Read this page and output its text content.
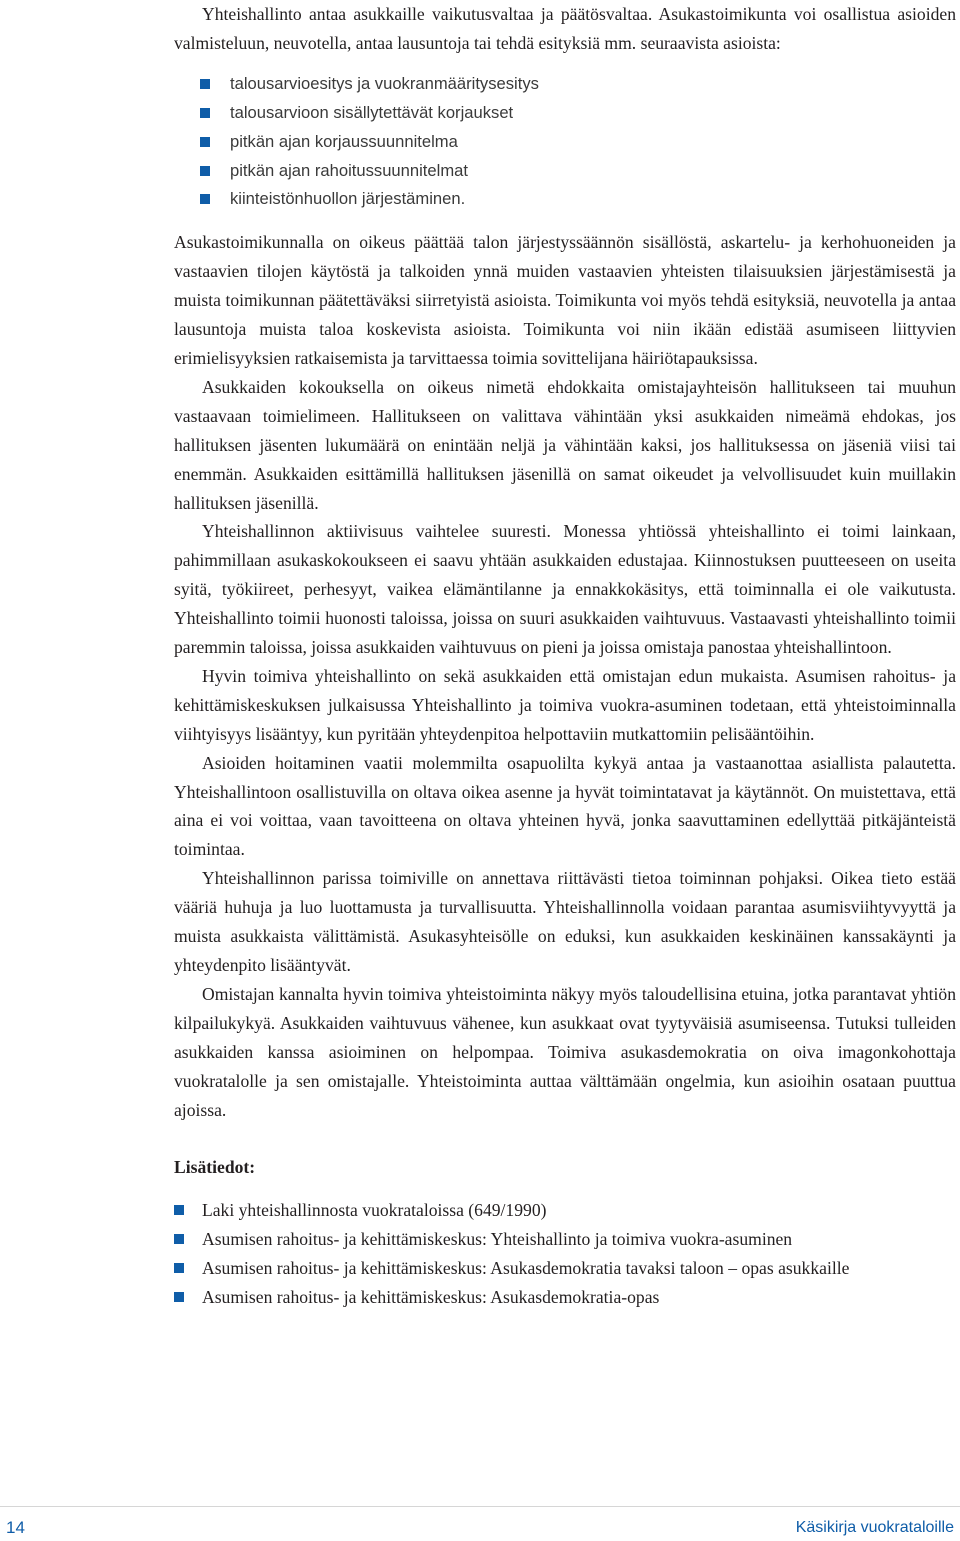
Yhteishallinto antaa asukkaille vaikutusvaltaa ja päätösvaltaa. Asukastoimikunta voi osallistua asioiden valmisteluun, neuvotella, antaa lausuntoja tai tehdä esityksiä mm. seuraavista asioista:

talousarvioesitys ja vuokranmääritysesitys
talousarvioon sisällytettävät korjaukset
pitkän ajan korjaussuunnitelma
pitkän ajan rahoitussuunnitelmat
kiinteistönhuollon järjestäminen.

Asukastoimikunnalla on oikeus päättää talon järjestyssäännön sisällöstä, askartelu- ja kerhohuoneiden ja vastaavien tilojen käytöstä ja talkoiden ynnä muiden vastaavien yhteisten tilaisuuksien järjestämisestä ja muista toimikunnan päätettäväksi siirretyistä asioista. Toimikunta voi myös tehdä esityksiä, neuvotella ja antaa lausuntoja muista taloa koskevista asioista. Toimikunta voi niin ikään edistää asumiseen liittyvien erimielisyyksien ratkaisemista ja tarvittaessa toimia sovittelijana häiriötapauksissa.

Asukkaiden kokouksella on oikeus nimetä ehdokkaita omistajayhteisön hallitukseen tai muuhun vastaavaan toimielimeen. Hallitukseen on valittava vähintään yksi asukkaiden nimeämä ehdokas, jos hallituksen jäsenten lukumäärä on enintään neljä ja vähintään kaksi, jos hallituksessa on jäseniä viisi tai enemmän. Asukkaiden esittämillä hallituksen jäsenillä on samat oikeudet ja velvollisuudet kuin muillakin hallituksen jäsenillä.

Yhteishallinnon aktiivisuus vaihtelee suuresti. Monessa yhtiössä yhteishallinto ei toimi lainkaan, pahimmillaan asukaskokoukseen ei saavu yhtään asukkaiden edustajaa. Kiinnostuksen puutteeseen on useita syitä, työkiireet, perhesyyt, vaikea elämäntilanne ja ennakkokäsitys, että toiminnalla ei ole vaikutusta. Yhteishallinto toimii huonosti taloissa, joissa on suuri asukkaiden vaihtuvuus. Vastaavasti yhteishallinto toimii paremmin taloissa, joissa asukkaiden vaihtuvuus on pieni ja joissa omistaja panostaa yhteishallintoon.

Hyvin toimiva yhteishallinto on sekä asukkaiden että omistajan edun mukaista. Asumisen rahoitus- ja kehittämiskeskuksen julkaisussa Yhteishallinto ja toimiva vuokra-asuminen todetaan, että yhteistoiminnalla viihtyisyys lisääntyy, kun pyritään yhteydenpitoa helpottaviin mutkattomiin pelisääntöihin.

Asioiden hoitaminen vaatii molemmilta osapuolilta kykyä antaa ja vastaanottaa asiallista palautetta. Yhteishallintoon osallistuvilla on oltava oikea asenne ja hyvät toimintatavat ja käytännöt. On muistettava, että aina ei voi voittaa, vaan tavoitteena on oltava yhteinen hyvä, jonka saavuttaminen edellyttää pitkäjänteistä toimintaa.

Yhteishallinnon parissa toimiville on annettava riittävästi tietoa toiminnan pohjaksi. Oikea tieto estää vääriä huhuja ja luo luottamusta ja turvallisuutta. Yhteishallinnolla voidaan parantaa asumisviihtyvyyttä ja muista asukkaista välittämistä. Asukasyhteisölle on eduksi, kun asukkaiden keskinäinen kanssakäynti ja yhteydenpito lisääntyvät.

Omistajan kannalta hyvin toimiva yhteistoiminta näkyy myös taloudellisina etuina, jotka parantavat yhtiön kilpailukykyä. Asukkaiden vaihtuvuus vähenee, kun asukkaat ovat tyytyväisiä asumiseensa. Tutuksi tulleiden asukkaiden kanssa asioiminen on helpompaa. Toimiva asukasdemokratia on oiva imagonkohottaja vuokratalolle ja sen omistajalle. Yhteistoiminta auttaa välttämään ongelmia, kun asioihin osataan puuttua ajoissa.

Lisätiedot:
Laki yhteishallinnosta vuokrataloissa (649/1990)
Asumisen rahoitus- ja kehittämiskeskus: Yhteishallinto ja toimiva vuokra-asuminen
Asumisen rahoitus- ja kehittämiskeskus: Asukasdemokratia tavaksi taloon – opas asukkaille
Asumisen rahoitus- ja kehittämiskeskus: Asukasdemokratia-opas
14	Käsikirja vuokrataloille
